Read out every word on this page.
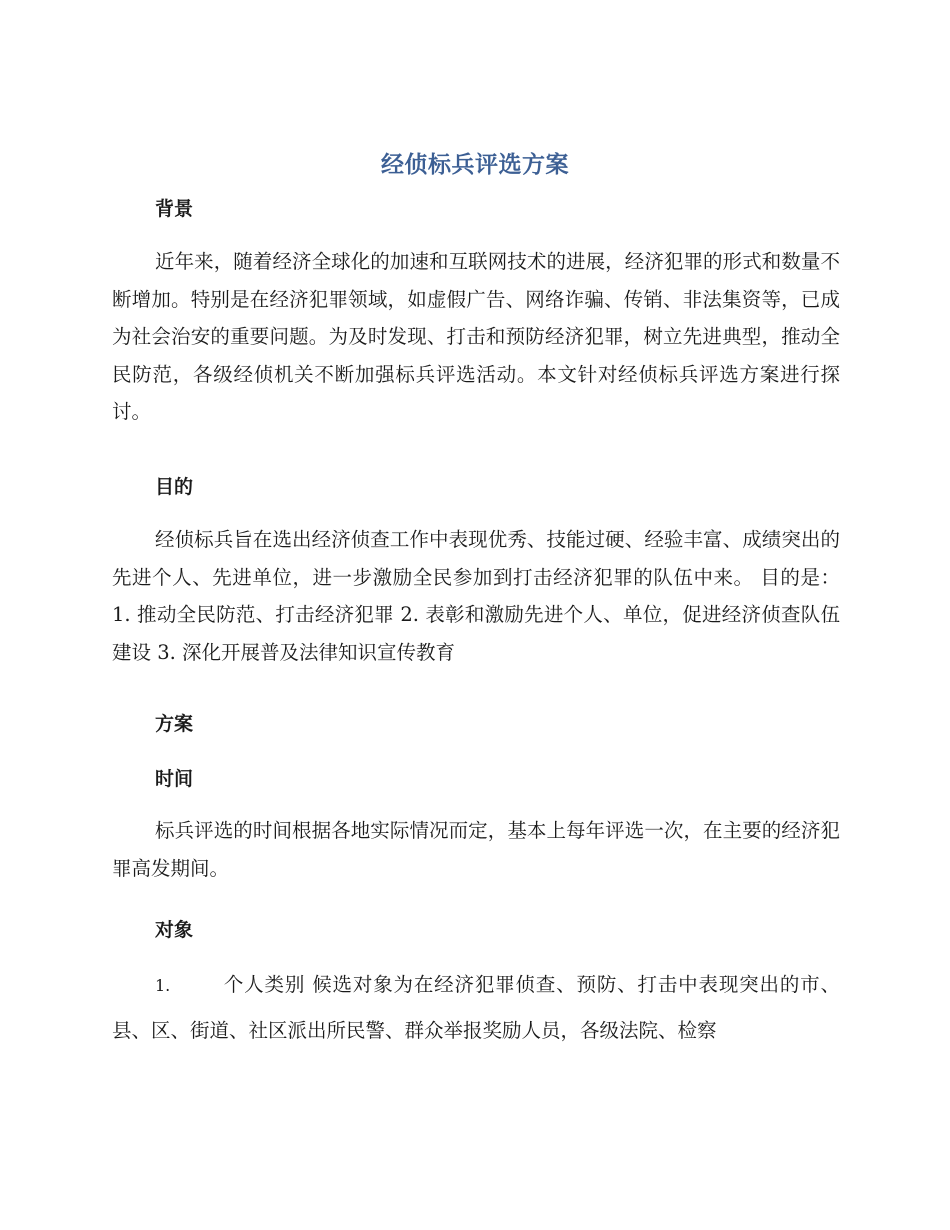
经侦标兵评选方案
背景
近年来，随着经济全球化的加速和互联网技术的进展，经济犯罪的形式和数量不断增加。特别是在经济犯罪领域，如虚假广告、网络诈骗、传销、非法集资等，已成为社会治安的重要问题。为及时发现、打击和预防经济犯罪，树立先进典型，推动全民防范，各级经侦机关不断加强标兵评选活动。本文针对经侦标兵评选方案进行探讨。
目的
经侦标兵旨在选出经济侦查工作中表现优秀、技能过硬、经验丰富、成绩突出的先进个人、先进单位，进一步激励全民参加到打击经济犯罪的队伍中来。 目的是： 1. 推动全民防范、打击经济犯罪 2. 表彰和激励先进个人、单位，促进经济侦查队伍建设 3. 深化开展普及法律知识宣传教育
方案
时间
标兵评选的时间根据各地实际情况而定，基本上每年评选一次，在主要的经济犯罪高发期间。
对象
1.	个人类别 候选对象为在经济犯罪侦查、预防、打击中表现突出的市、县、区、街道、社区派出所民警、群众举报奖励人员，各级法院、检察
